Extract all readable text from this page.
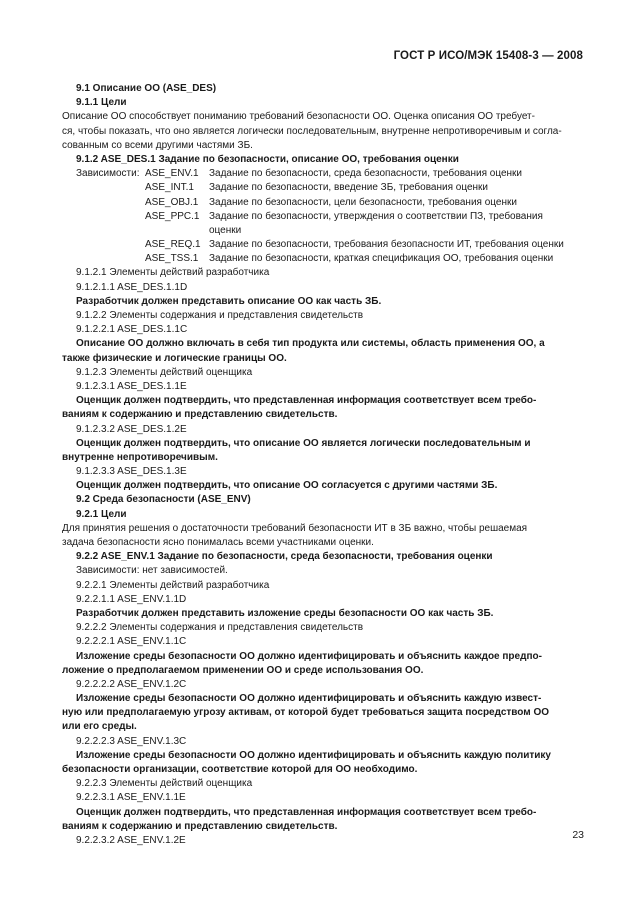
ГОСТ Р ИСО/МЭК 15408-3 — 2008
9.1 Описание ОО (ASE_DES)
9.1.1 Цели
Описание ОО способствует пониманию требований безопасности ОО. Оценка описания ОО требует-
ся, чтобы показать, что оно является логически последовательным, внутренне непротиворечивым и согла-
сованным со всеми другими частями ЗБ.
9.1.2 ASE_DES.1 Задание по безопасности, описание ОО, требования оценки
Зависимости: ASE_ENV.1	Задание по безопасности, среда безопасности, требования оценки
ASE_INT.1	Задание по безопасности, введение ЗБ, требования оценки
ASE_OBJ.1	Задание по безопасности, цели безопасности, требования оценки
ASE_PPC.1 Задание по безопасности, утверждения о соответствии ПЗ, требования
оценки
ASE_REQ.1 Задание по безопасности, требования безопасности ИТ, требования оценки
ASE_TSS.1	Задание по безопасности, краткая спецификация ОО, требования оценки
9.1.2.1 Элементы действий разработчика
9.1.2.1.1 ASE_DES.1.1D
Разработчик должен представить описание ОО как часть ЗБ.
9.1.2.2 Элементы содержания и представления свидетельств
9.1.2.2.1 ASE_DES.1.1C
Описание ОО должно включать в себя тип продукта или системы, область применения ОО, а
также физические и логические границы ОО.
9.1.2.3 Элементы действий оценщика
9.1.2.3.1 ASE_DES.1.1E
Оценщик должен подтвердить, что представленная информация соответствует всем требо-
ваниям к содержанию и представлению свидетельств.
9.1.2.3.2 ASE_DES.1.2E
Оценщик должен подтвердить, что описание ОО является логически последовательным и
внутренне непротиворечивым.
9.1.2.3.3 ASE_DES.1.3E
Оценщик должен подтвердить, что описание ОО согласуется с другими частями ЗБ.
9.2 Среда безопасности (ASE_ENV)
9.2.1 Цели
Для принятия решения о достаточности требований безопасности ИТ в ЗБ важно, чтобы решаемая
задача безопасности ясно понималась всеми участниками оценки.
9.2.2 ASE_ENV.1 Задание по безопасности, среда безопасности, требования оценки
Зависимости: нет зависимостей.
9.2.2.1 Элементы действий разработчика
9.2.2.1.1 ASE_ENV.1.1D
Разработчик должен представить изложение среды безопасности ОО как часть ЗБ.
9.2.2.2 Элементы содержания и представления свидетельств
9.2.2.2.1 ASE_ENV.1.1C
Изложение среды безопасности ОО должно идентифицировать и объяснить каждое предпо-
ложение о предполагаемом применении ОО и среде использования ОО.
9.2.2.2.2 ASE_ENV.1.2C
Изложение среды безопасности ОО должно идентифицировать и объяснить каждую извест-
ную или предполагаемую угрозу активам, от которой будет требоваться защита посредством ОО
или его среды.
9.2.2.2.3 ASE_ENV.1.3C
Изложение среды безопасности ОО должно идентифицировать и объяснить каждую политику
безопасности организации, соответствие которой для ОО необходимо.
9.2.2.3 Элементы действий оценщика
9.2.2.3.1 ASE_ENV.1.1E
Оценщик должен подтвердить, что представленная информация соответствует всем требо-
ваниям к содержанию и представлению свидетельств.
9.2.2.3.2 ASE_ENV.1.2E	23
